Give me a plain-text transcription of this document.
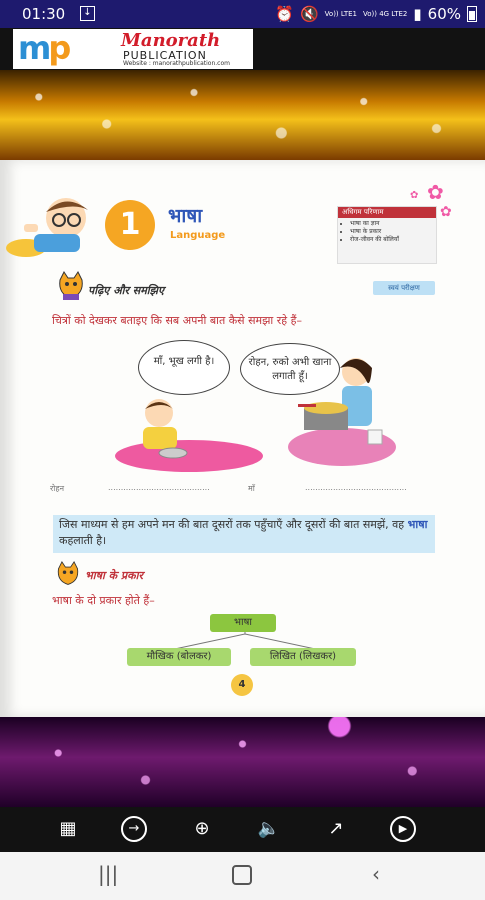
01:30	↓	⏰ 🔇 Vo)) LTE1 Vo)) 4G LTE2 ▮ 60%
mp	Manorath
PUBLICATION
Website : manorathpublication.com
1	भाषा
Language
✿
✿
✿
अधिगम परिणाम
• भाषा का ज्ञान
• भाषा के प्रकार
• रोज-जीवन की बोलियाँ
पढ़िए और समझिए	स्वयं परीक्षण
चित्रों को देखकर बताइए कि सब अपनी बात कैसे समझा रहे हैं–
माँ, भूख लगी है।	रोहन, रुको अभी खाना लगाती हूँ।
रोहन	........................................	माँ	........................................
जिस माध्यम से हम अपने मन की बात दूसरों तक पहुँचाएँ और दूसरों की बात समझें, वह भाषा कहलाती है।
भाषा के प्रकार
भाषा के दो प्रकार होते हैं–
भाषा
मौखिक (बोलकर)	लिखित (लिखकर)
4
▦	→	⊕	🔈	↗	▶
|||	‹
